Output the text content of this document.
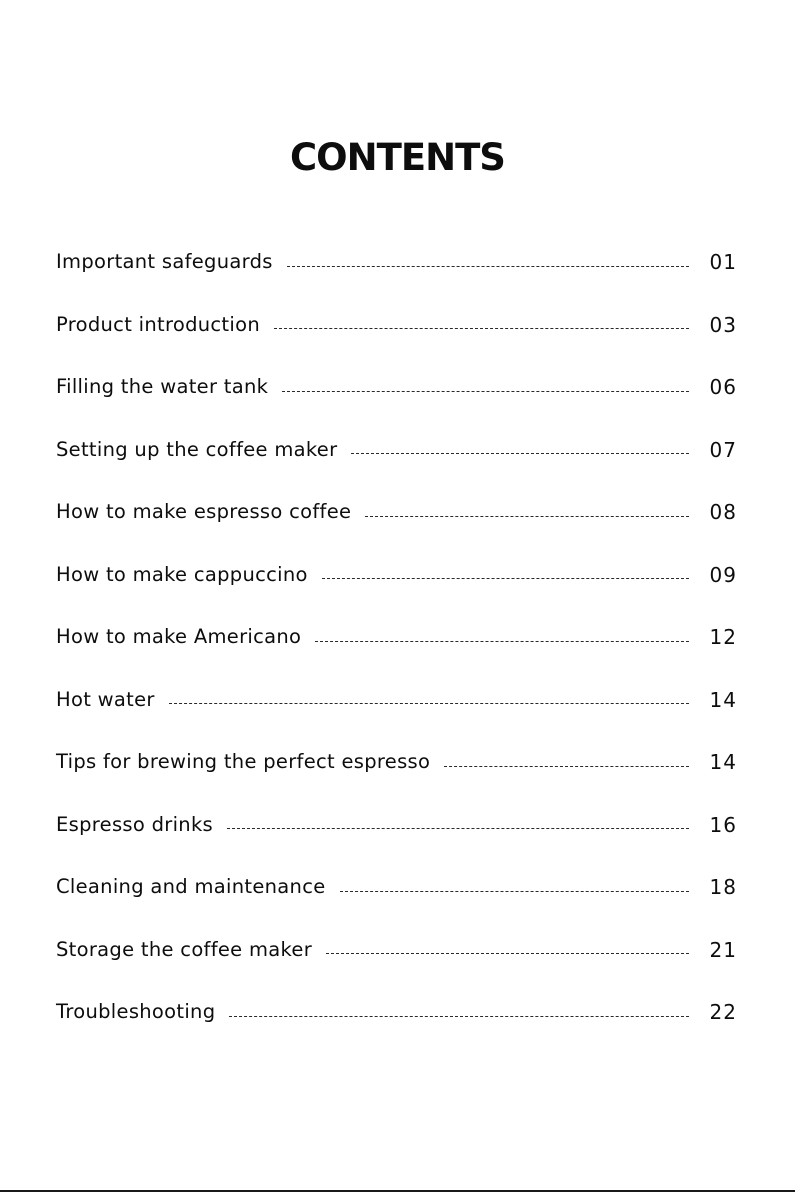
CONTENTS
Important safeguards	01
Product introduction	03
Filling the water tank	06
Setting up the coffee maker	07
How to make espresso coffee	08
How to make cappuccino	09
How to make Americano	12
Hot water	14
Tips for brewing the perfect espresso	14
Espresso drinks	16
Cleaning and maintenance	18
Storage the coffee maker	21
Troubleshooting	22
